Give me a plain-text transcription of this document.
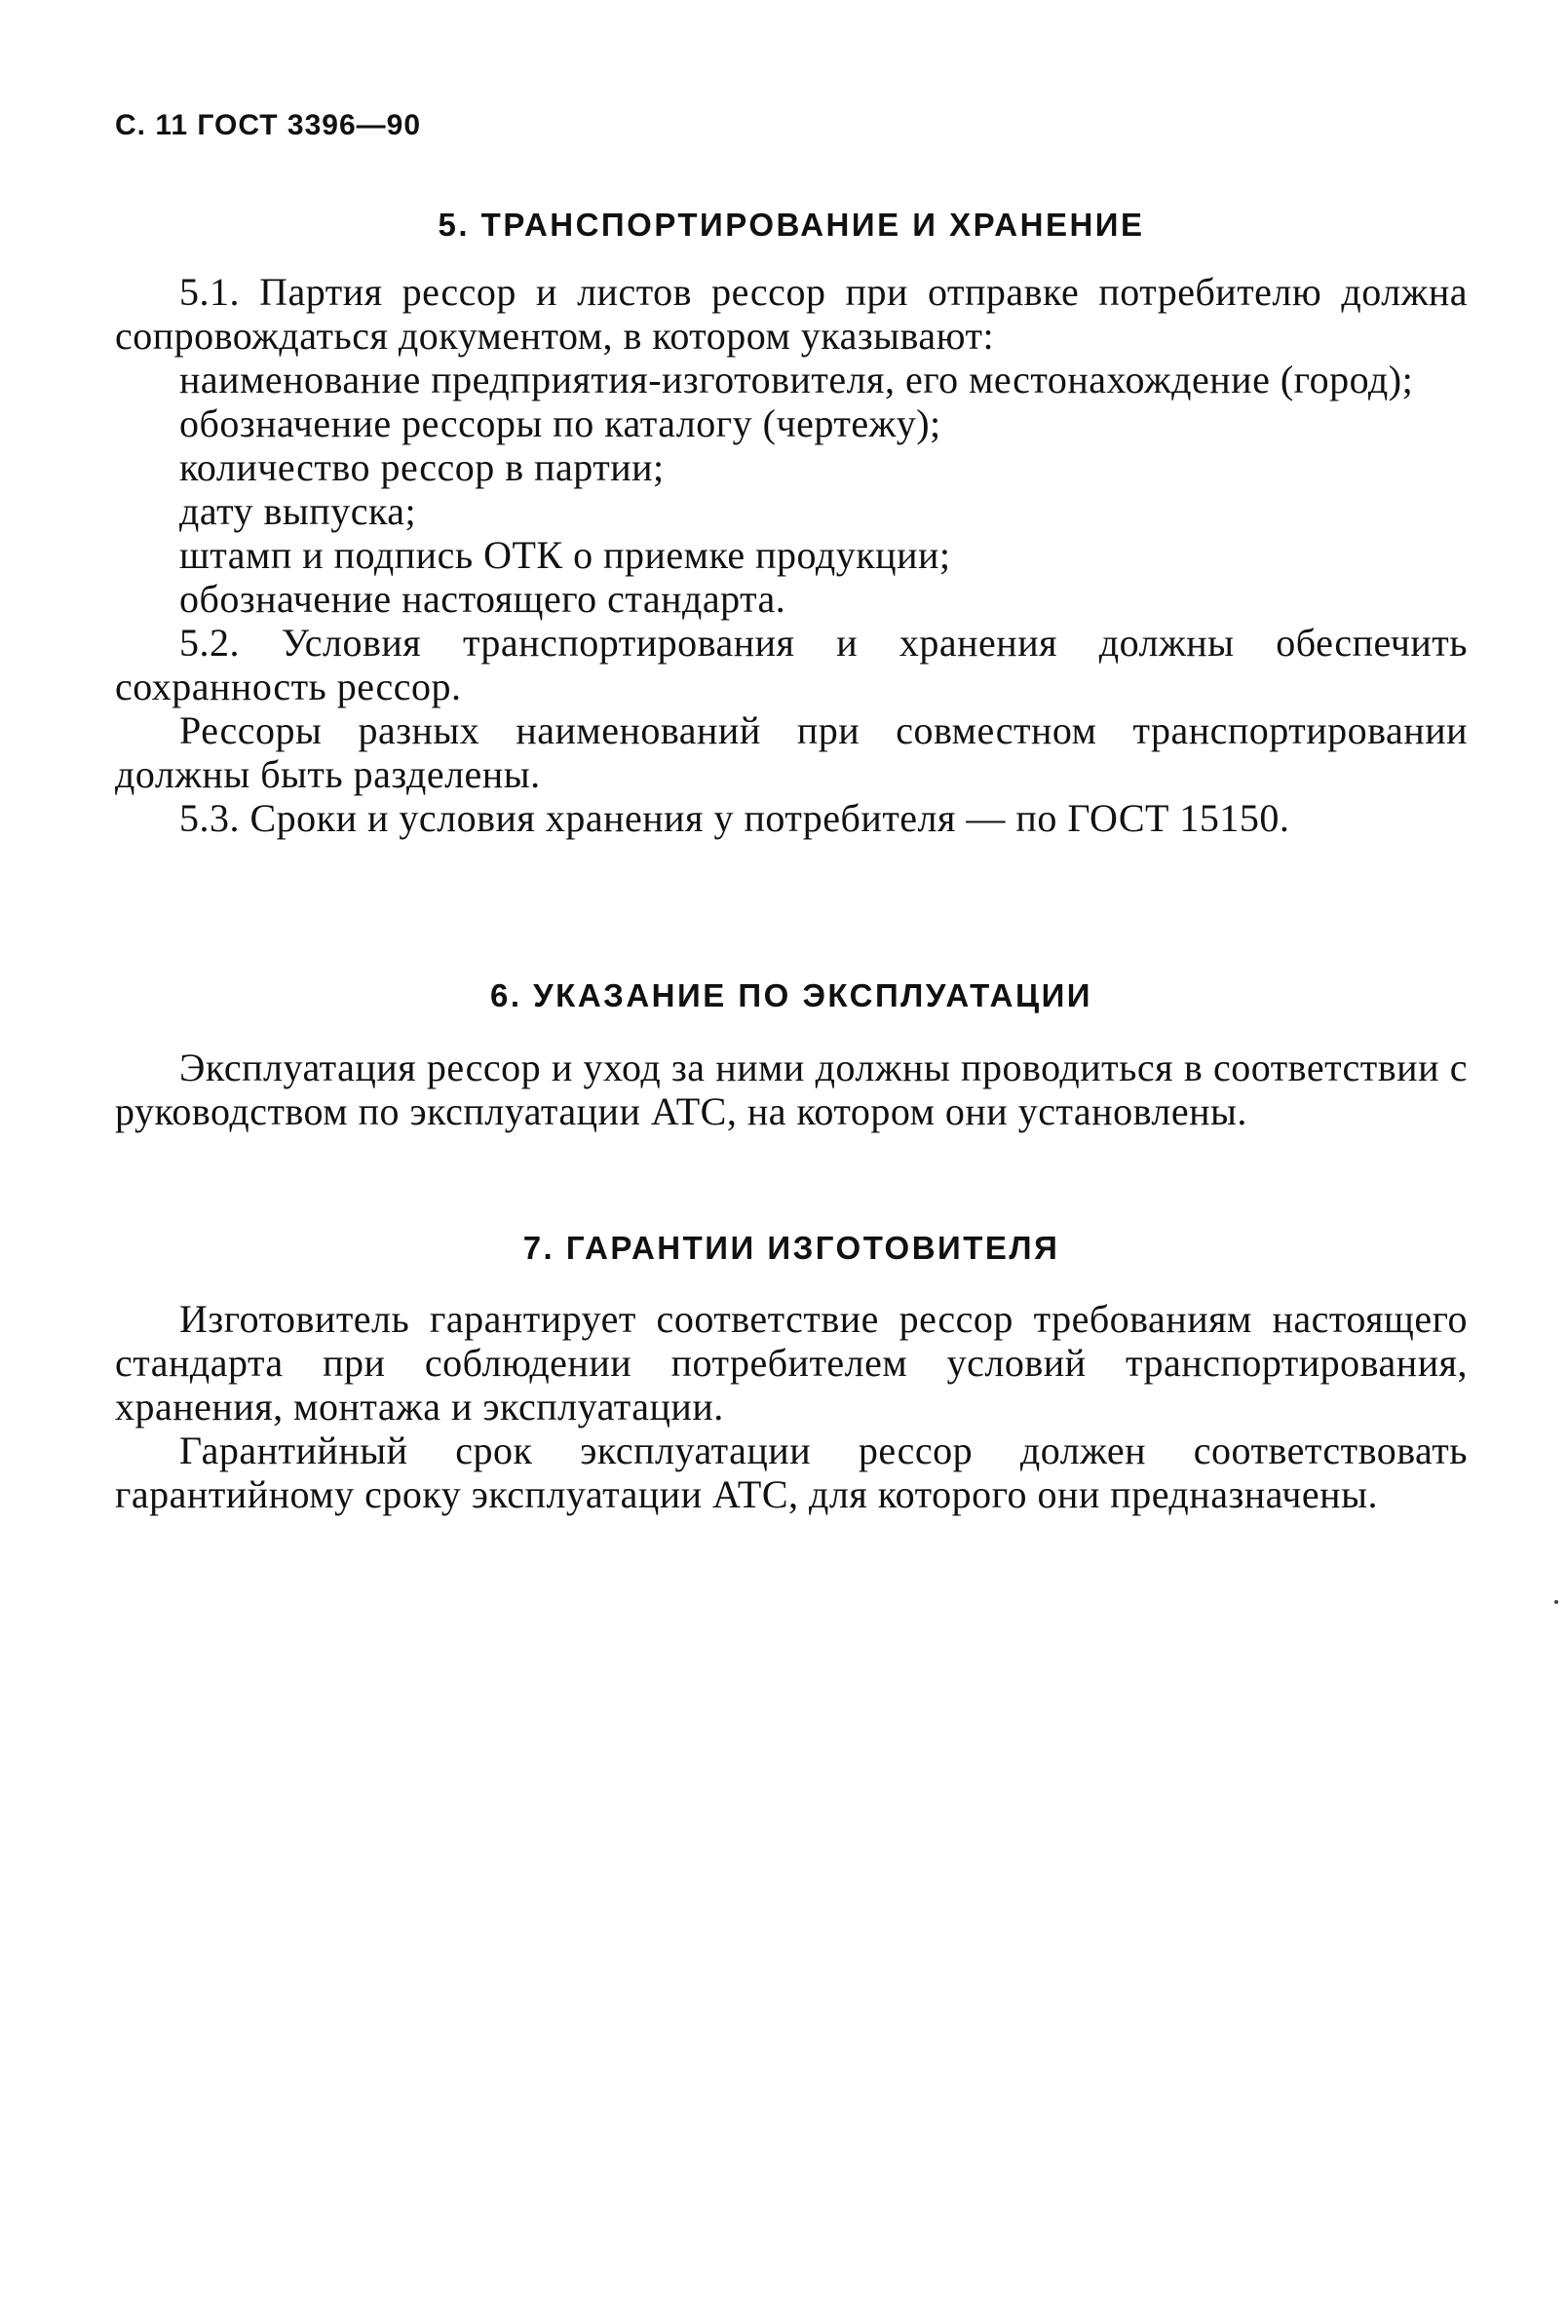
С. 11 ГОСТ 3396—90
5. ТРАНСПОРТИРОВАНИЕ И ХРАНЕНИЕ

5.1. Партия рессор и листов рессор при отправке потребителю должна сопровождаться документом, в котором указывают:

наименование предприятия-изготовителя, его местонахождение (город);

обозначение рессоры по каталогу (чертежу);

количество рессор в партии;

дату выпуска;

штамп и подпись ОТК о приемке продукции;

обозначение настоящего стандарта.

5.2. Условия транспортирования и хранения должны обеспечить сохранность рессор.

Рессоры разных наименований при совместном транспортировании должны быть разделены.

5.3. Сроки и условия хранения у потребителя — по ГОСТ 15150.

6. УКАЗАНИЕ ПО ЭКСПЛУАТАЦИИ

Эксплуатация рессор и уход за ними должны проводиться в соответствии с руководством по эксплуатации АТС, на котором они установлены.

7. ГАРАНТИИ ИЗГОТОВИТЕЛЯ

Изготовитель гарантирует соответствие рессор требованиям настоящего стандарта при соблюдении потребителем условий транспортирования, хранения, монтажа и эксплуатации.

Гарантийный срок эксплуатации рессор должен соответствовать гарантийному сроку эксплуатации АТС, для которого они предназначены.
